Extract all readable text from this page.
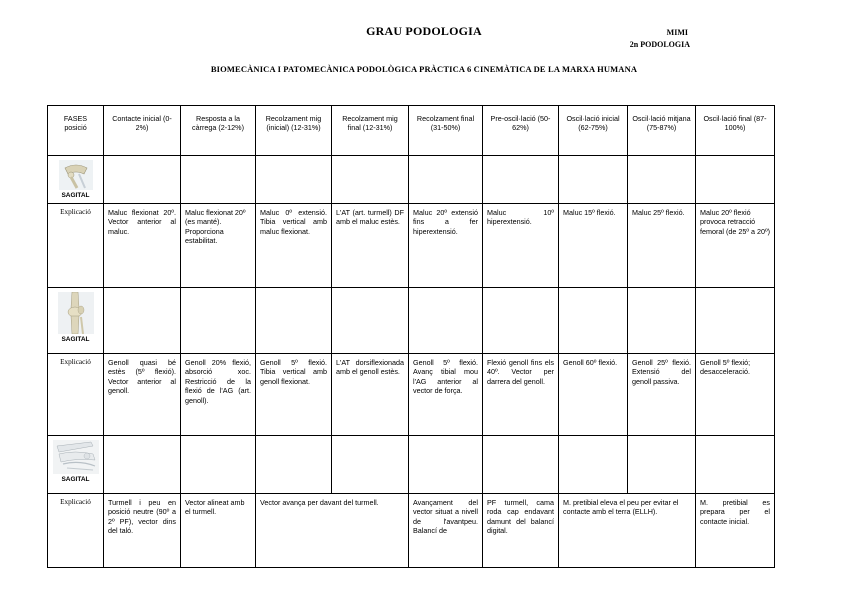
GRAU PODOLOGIA	MIMI
2n PODOLOGIA
BIOMECÀNICA I PATOMECÀNICA PODOLÒGICA PRÀCTICA 6 CINEMÀTICA DE LA MARXA HUMANA
FASES posició	Contacte inicial (0-2%)	Resposta a la càrrega (2-12%)	Recolzament mig (inicial) (12-31%)	Recolzament mig final (12-31%)	Recolzament final (31-50%)	Pre-oscil·lació (50-62%)	Oscil·lació inicial (62-75%)	Oscil·lació mitjana (75-87%)	Oscil·lació final (87-100%)

SAGITAL									

Explicació	Maluc flexionat 20º. Vector anterior al maluc.	Maluc flexionat 20º (es manté). Proporciona estabilitat.	Maluc 0º extensió. Tibia vertical amb maluc flexionat.	L'AT (art. turmell) DF amb el maluc estès.	Maluc 20º extensió fins a fer hiperextensió.	Maluc 10º hiperextensió.	Maluc 15º flexió.	Maluc 25º flexió.	Maluc 20º flexió provoca retracció femoral (de 25º a 20º)

SAGITAL									

Explicació	Genoll quasi bé estès (5º flexió). Vector anterior al genoll.	Genoll 20% flexió, absorció xoc. Restricció de la flexió de l'AG (art. genoll).	Genoll 5º flexió. Tibia vertical amb genoll flexionat.	L'AT dorsiflexionada amb el genoll estès.	Genoll 5º flexió. Avanç tibial mou l'AG anterior al vector de força.	Flexió genoll fins els 40º. Vector per darrera del genoll.	Genoll 60º flexió.	Genoll 25º flexió. Extensió del genoll passiva.	Genoll 5º flexió; desacceleració.

SAGITAL									

Explicació	Turmell i peu en posició neutre (90º a 2º PF), vector dins del taló.	Vector alineat amb el turmell.	Vector avança per davant del turmell.		Avançament del vector situat a nivell de l'avantpeu. Balancí de	PF turmell, cama roda cap endavant damunt del balancí digital.	M. pretibial eleva el peu per evitar el contacte amb el terra (ELLH).		M. pretibial es prepara per el contacte inicial.
